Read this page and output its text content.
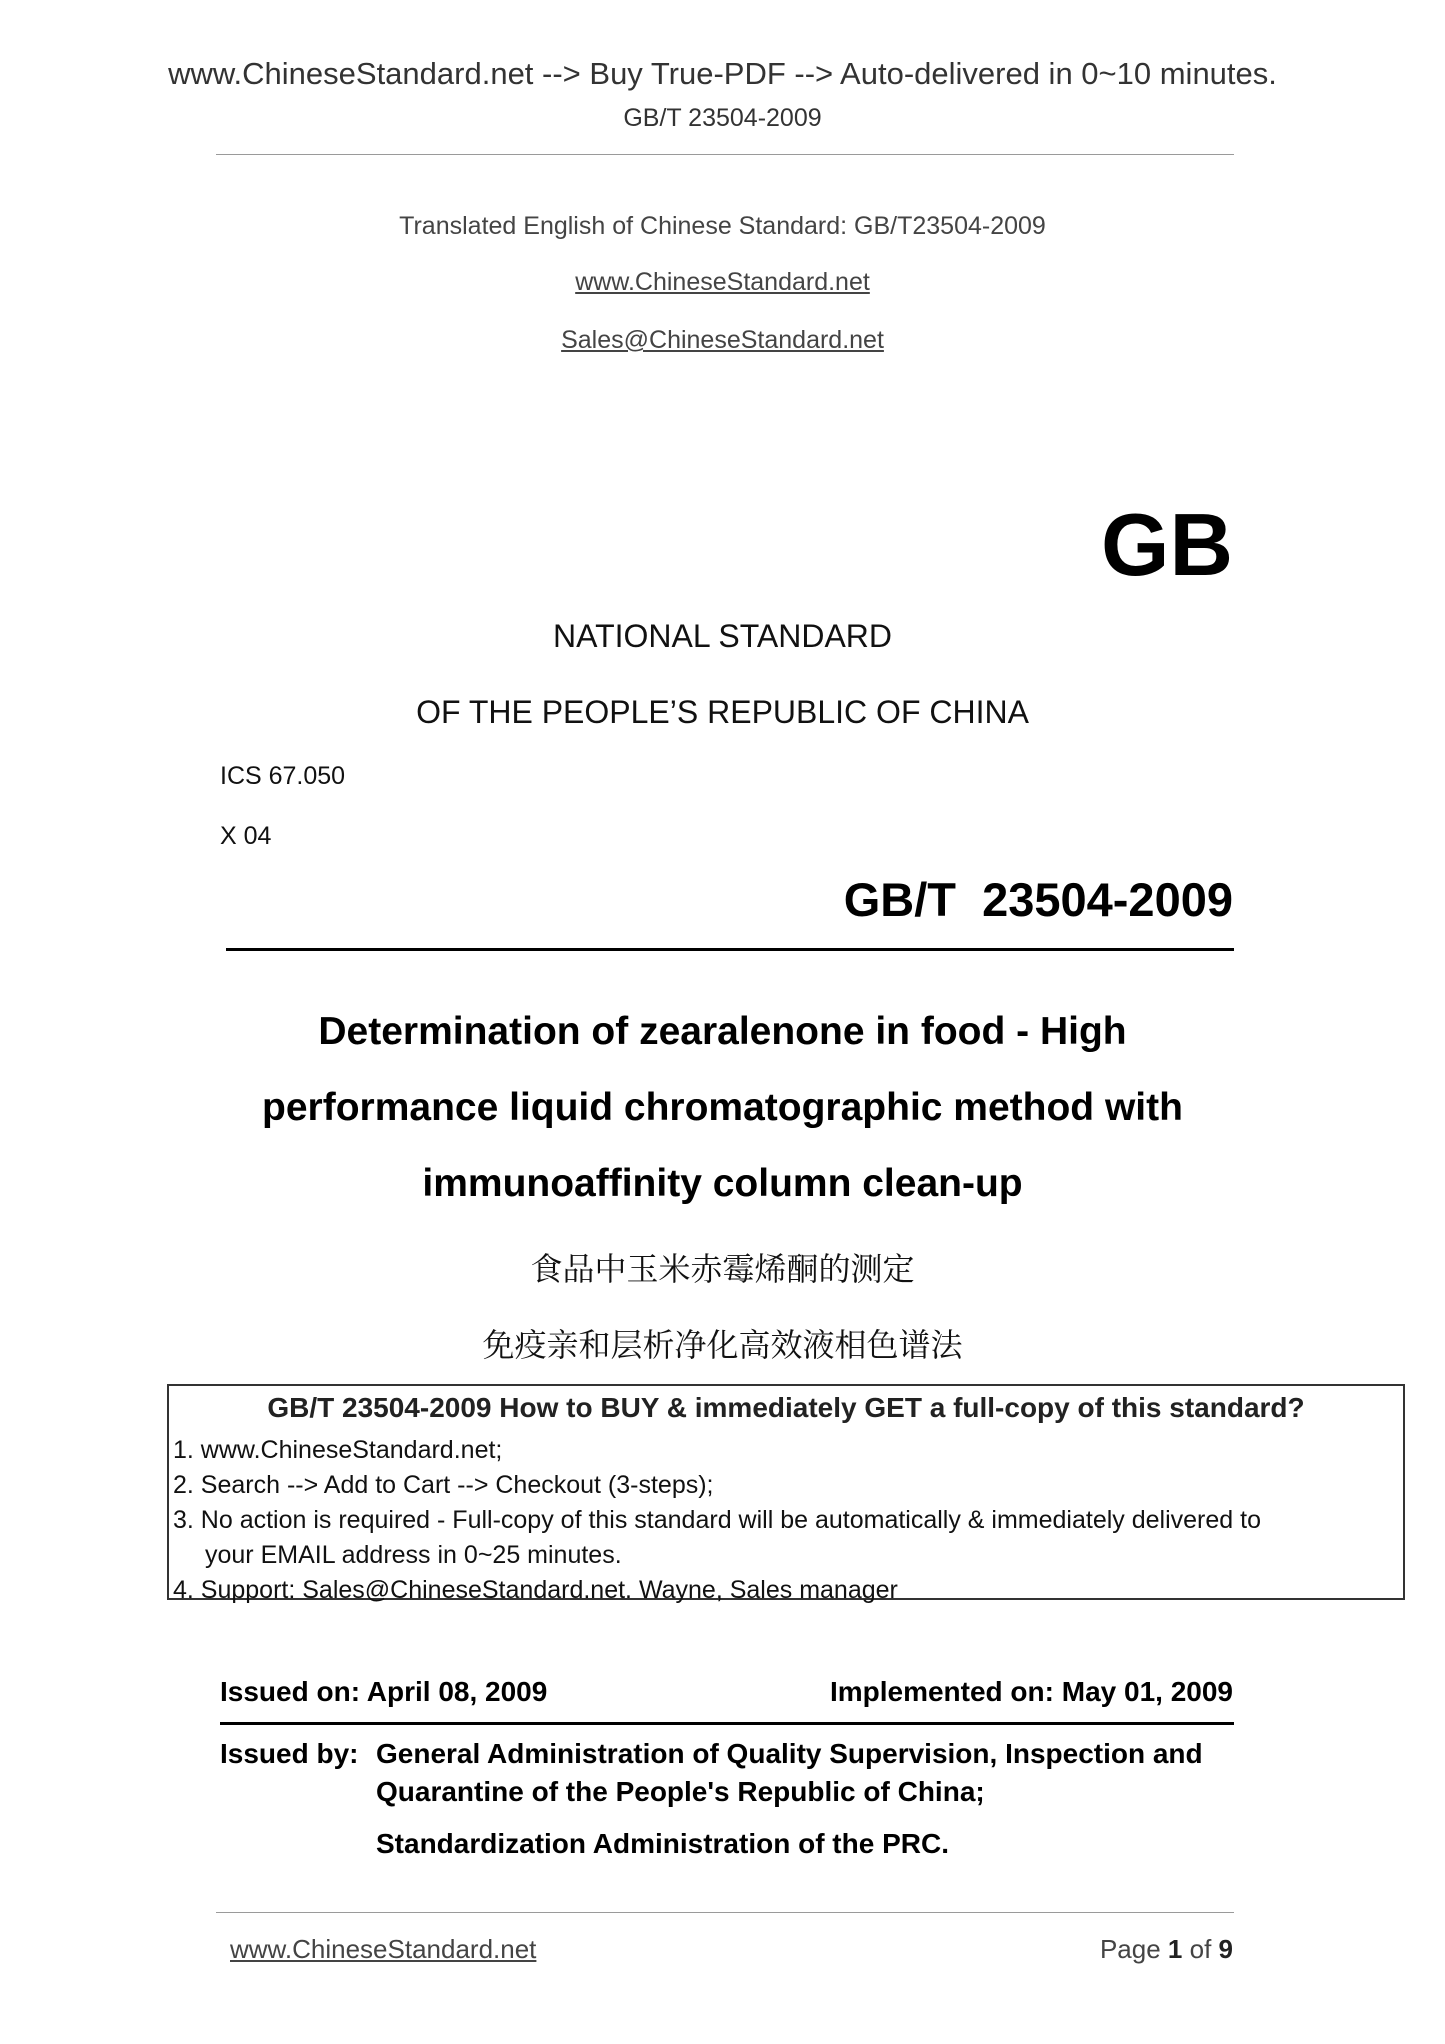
www.ChineseStandard.net --> Buy True-PDF --> Auto-delivered in 0~10 minutes.
GB/T 23504-2009
Translated English of Chinese Standard: GB/T23504-2009
www.ChineseStandard.net
Sales@ChineseStandard.net
GB
NATIONAL STANDARD
OF THE PEOPLE’S REPUBLIC OF CHINA
ICS 67.050
X 04
GB/T  23504-2009
Determination of zearalenone in food - High
performance liquid chromatographic method with
immunoaffinity column clean-up
食品中玉米赤霉烯酮的测定
免疫亲和层析净化高效液相色谱法
GB/T 23504-2009 How to BUY & immediately GET a full-copy of this standard?
1. www.ChineseStandard.net;
2. Search --> Add to Cart --> Checkout (3-steps);
3. No action is required - Full-copy of this standard will be automatically & immediately delivered to
your EMAIL address in 0~25 minutes.
4. Support: Sales@ChineseStandard.net. Wayne, Sales manager
Issued on: April 08, 2009	Implemented on: May 01, 2009
Issued by: General Administration of Quality Supervision, Inspection and
Quarantine of the People's Republic of China;
Standardization Administration of the PRC.
www.ChineseStandard.net	Page 1 of 9
